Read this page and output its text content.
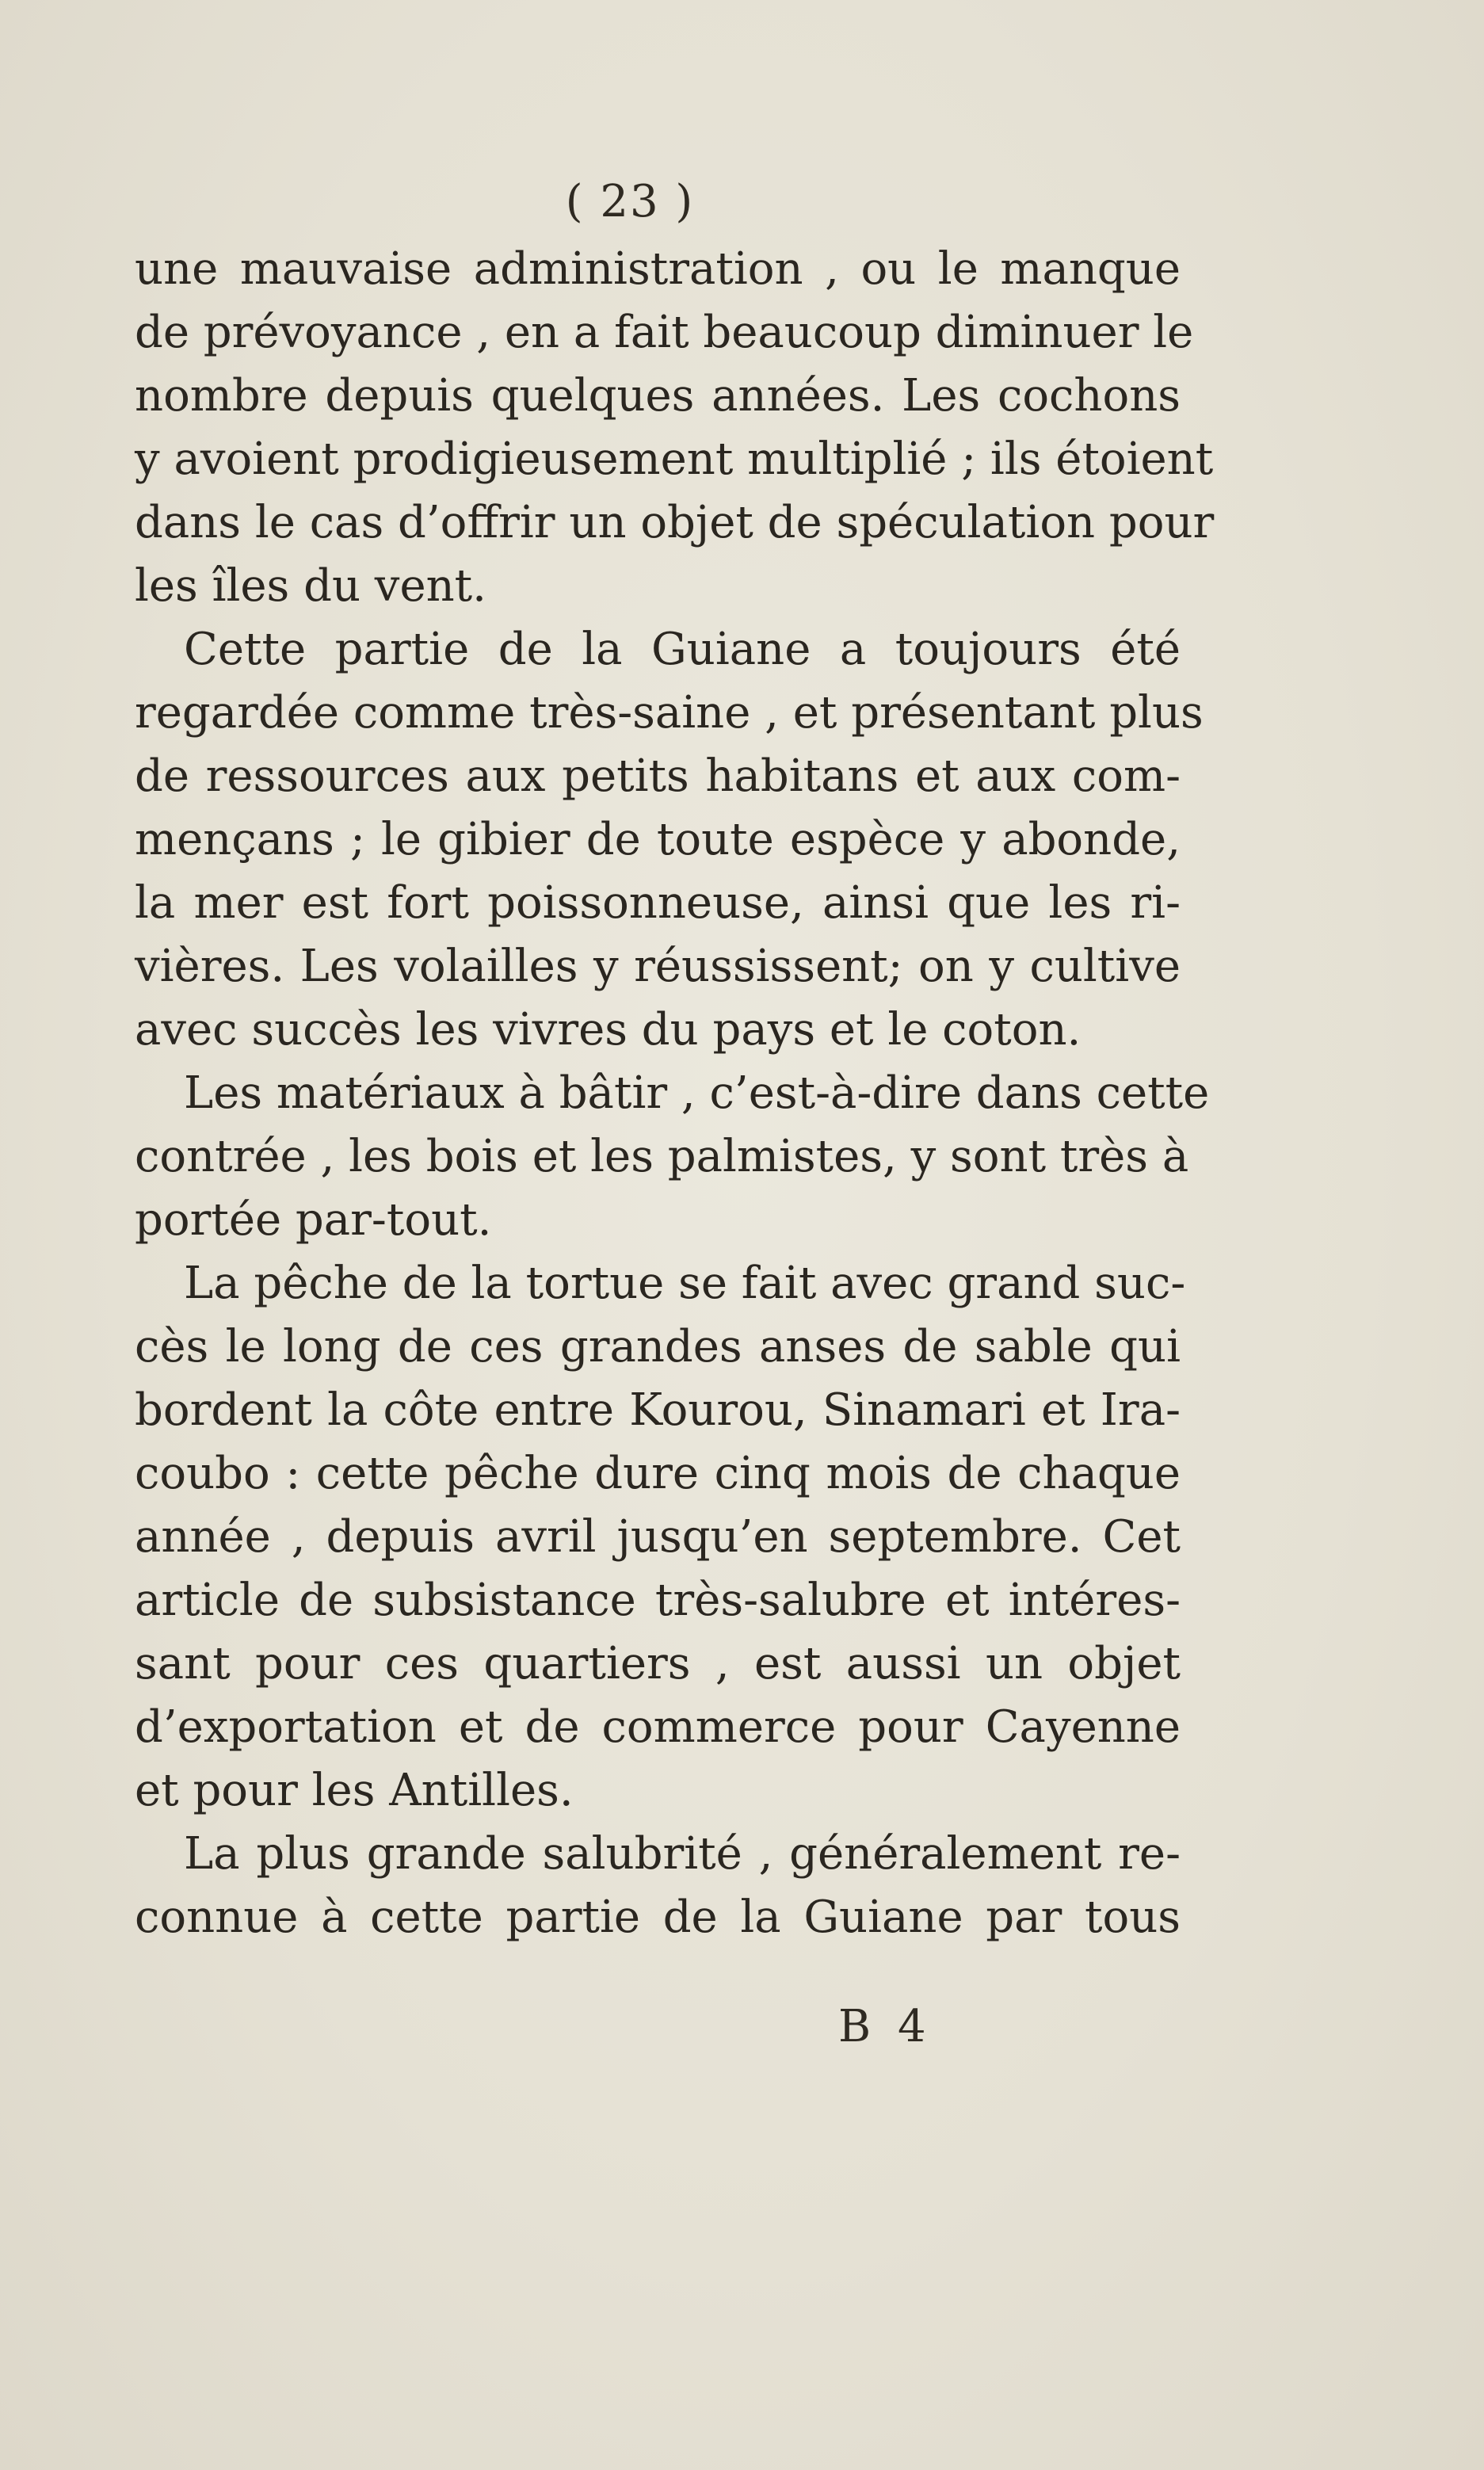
( 23 )
une mauvaise administration , ou le manque
de prévoyance , en a fait beaucoup diminuer le
nombre depuis quelques années. Les cochons
y avoient prodigieusement multiplié ; ils étoient
dans le cas d’offrir un objet de spéculation pour
les îles du vent.
Cette partie de la Guiane a toujours été
regardée comme très-saine , et présentant plus
de ressources aux petits habitans et aux com-
mençans ; le gibier de toute espèce y abonde,
la mer est fort poissonneuse, ainsi que les ri-
vières. Les volailles y réussissent; on y cultive
avec succès les vivres du pays et le coton.
Les matériaux à bâtir , c’est-à-dire dans cette
contrée , les bois et les palmistes, y sont très à
portée par-tout.
La pêche de la tortue se fait avec grand suc-
cès le long de ces grandes anses de sable qui
bordent la côte entre Kourou, Sinamari et Ira-
coubo : cette pêche dure cinq mois de chaque
année , depuis avril jusqu’en septembre. Cet
article de subsistance très-salubre et intéres-
sant pour ces quartiers , est aussi un objet
d’exportation et de commerce pour Cayenne
et pour les Antilles.
La plus grande salubrité , généralement re-
connue à cette partie de la Guiane par tous
B 4
